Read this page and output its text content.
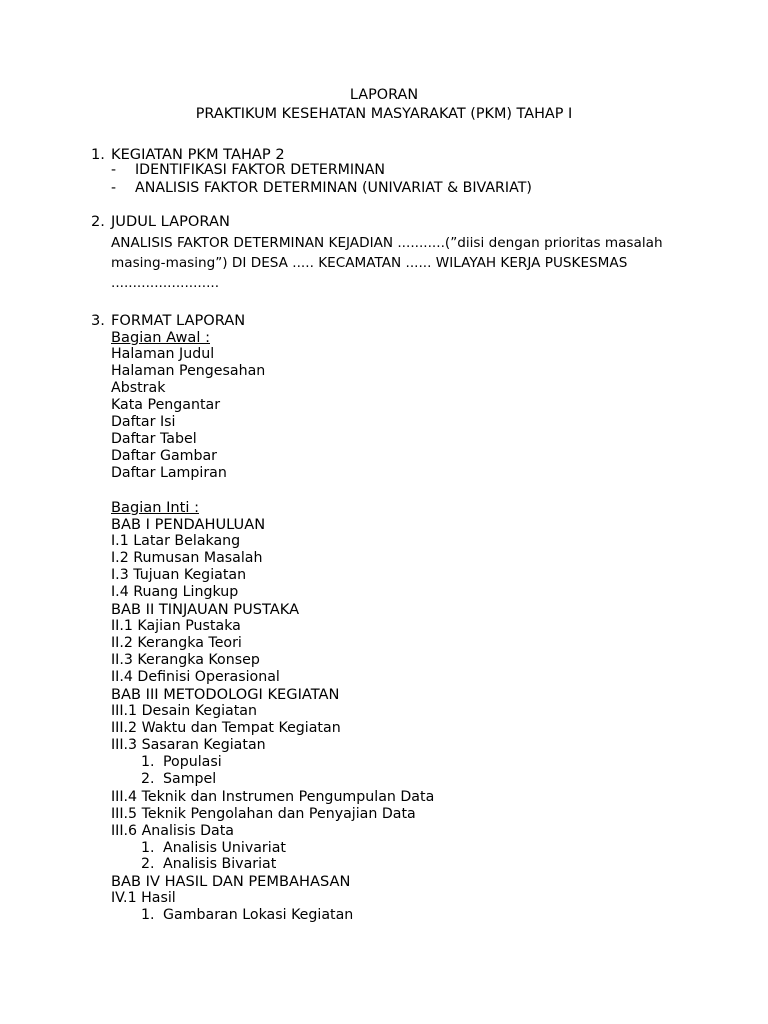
LAPORAN
PRAKTIKUM KESEHATAN MASYARAKAT (PKM) TAHAP I
1. KEGIATAN PKM TAHAP 2
- IDENTIFIKASI FAKTOR DETERMINAN
- ANALISIS FAKTOR DETERMINAN (UNIVARIAT & BIVARIAT)
2. JUDUL LAPORAN
ANALISIS FAKTOR DETERMINAN KEJADIAN ...........(”diisi dengan prioritas masalah masing-masing”) DI DESA ..... KECAMATAN ...... WILAYAH KERJA PUSKESMAS .........................
3. FORMAT LAPORAN
Bagian Awal :
Halaman Judul
Halaman Pengesahan
Abstrak
Kata Pengantar
Daftar Isi
Daftar Tabel
Daftar Gambar
Daftar Lampiran
Bagian Inti :
BAB I PENDAHULUAN
I.1 Latar Belakang
I.2 Rumusan Masalah
I.3 Tujuan Kegiatan
I.4 Ruang Lingkup
BAB II TINJAUAN PUSTAKA
II.1 Kajian Pustaka
II.2 Kerangka Teori
II.3 Kerangka Konsep
II.4 Definisi Operasional
BAB III METODOLOGI KEGIATAN
III.1 Desain Kegiatan
III.2 Waktu dan Tempat Kegiatan
III.3 Sasaran Kegiatan
1. Populasi
2. Sampel
III.4 Teknik dan Instrumen Pengumpulan Data
III.5 Teknik Pengolahan dan Penyajian Data
III.6 Analisis Data
1. Analisis Univariat
2. Analisis Bivariat
BAB IV HASIL DAN PEMBAHASAN
IV.1 Hasil
1. Gambaran Lokasi Kegiatan
